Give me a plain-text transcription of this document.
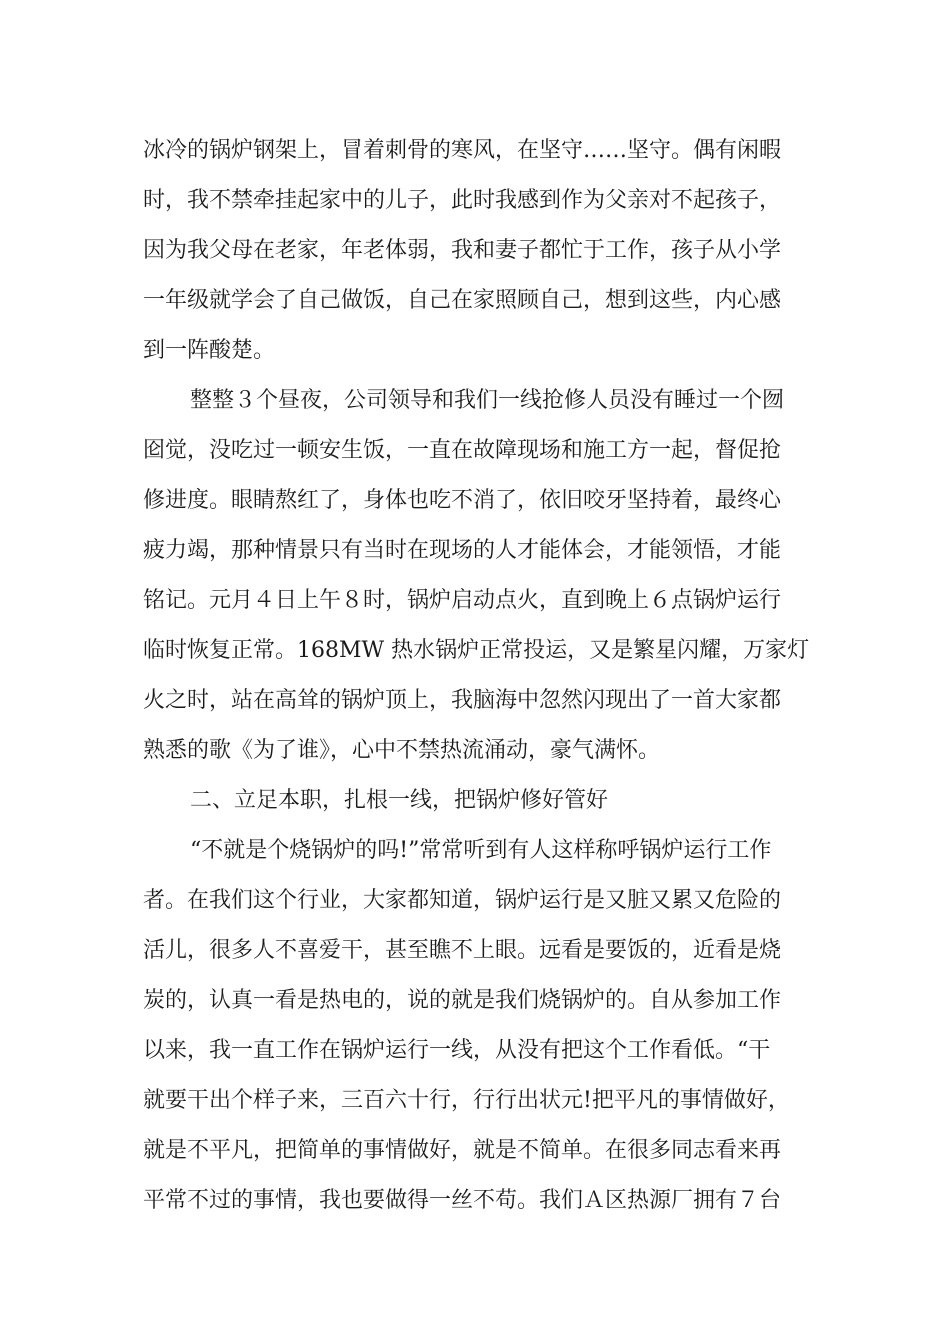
冰冷的锅炉钢架上，冒着刺骨的寒风，在坚守……坚守。偶有闲暇
时，我不禁牵挂起家中的儿子，此时我感到作为父亲对不起孩子，
因为我父母在老家，年老体弱，我和妻子都忙于工作，孩子从小学
一年级就学会了自己做饭，自己在家照顾自己，想到这些，内心感
到一阵酸楚。
整整３个昼夜，公司领导和我们一线抢修人员没有睡过一个囫
囵觉，没吃过一顿安生饭，一直在故障现场和施工方一起，督促抢
修进度。眼睛熬红了，身体也吃不消了，依旧咬牙坚持着，最终心
疲力竭，那种情景只有当时在现场的人才能体会，才能领悟，才能
铭记。元月４日上午８时，锅炉启动点火，直到晚上６点锅炉运行
临时恢复正常。168MW 热水锅炉正常投运，又是繁星闪耀，万家灯
火之时，站在高耸的锅炉顶上，我脑海中忽然闪现出了一首大家都
熟悉的歌《为了谁》，心中不禁热流涌动，豪气满怀。
二、立足本职，扎根一线，把锅炉修好管好
“不就是个烧锅炉的吗!”常常听到有人这样称呼锅炉运行工作
者。在我们这个行业，大家都知道，锅炉运行是又脏又累又危险的
活儿，很多人不喜爱干，甚至瞧不上眼。远看是要饭的，近看是烧
炭的，认真一看是热电的，说的就是我们烧锅炉的。自从参加工作
以来，我一直工作在锅炉运行一线，从没有把这个工作看低。“干
就要干出个样子来，三百六十行，行行出状元!把平凡的事情做好，
就是不平凡，把简单的事情做好，就是不简单。在很多同志看来再
平常不过的事情，我也要做得一丝不苟。我们Ａ区热源厂拥有７台
